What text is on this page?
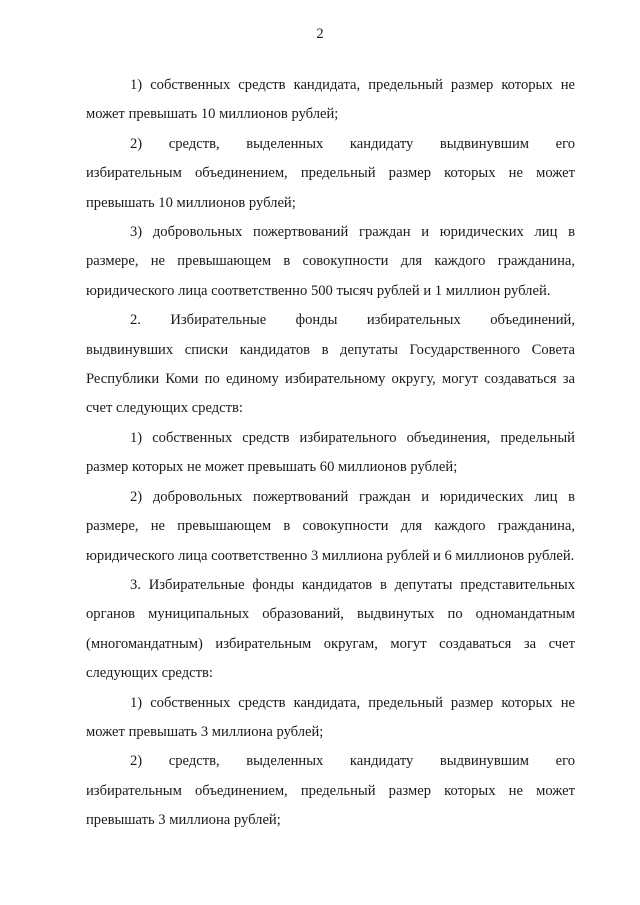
2

1) собственных средств кандидата, предельный размер которых не может превышать 10 миллионов рублей;

2)      средств,      выделенных      кандидату      выдвинувшим      его избирательным объединением, предельный размер которых не может превышать 10 миллионов рублей;

3) добровольных пожертвований граждан и юридических лиц в размере, не превышающем в совокупности для каждого гражданина, юридического лица соответственно 500 тысяч рублей и 1 миллион рублей.

2.     Избирательные     фонды     избирательных     объединений, выдвинувших списки кандидатов в депутаты Государственного Совета Республики Коми по единому избирательному округу, могут создаваться за счет следующих средств:

1) собственных средств избирательного объединения, предельный размер которых не может превышать 60 миллионов рублей;

2) добровольных пожертвований граждан и юридических лиц в размере, не превышающем в совокупности для каждого гражданина, юридического лица соответственно 3 миллиона рублей и 6 миллионов рублей.

3. Избирательные фонды кандидатов в депутаты представительных органов муниципальных образований, выдвинутых по одномандатным (многомандатным) избирательным округам, могут создаваться за счет следующих средств:

1) собственных средств кандидата, предельный размер которых не может превышать 3 миллиона рублей;

2)      средств,      выделенных      кандидату      выдвинувшим      его избирательным объединением, предельный размер которых не может превышать 3 миллиона рублей;
